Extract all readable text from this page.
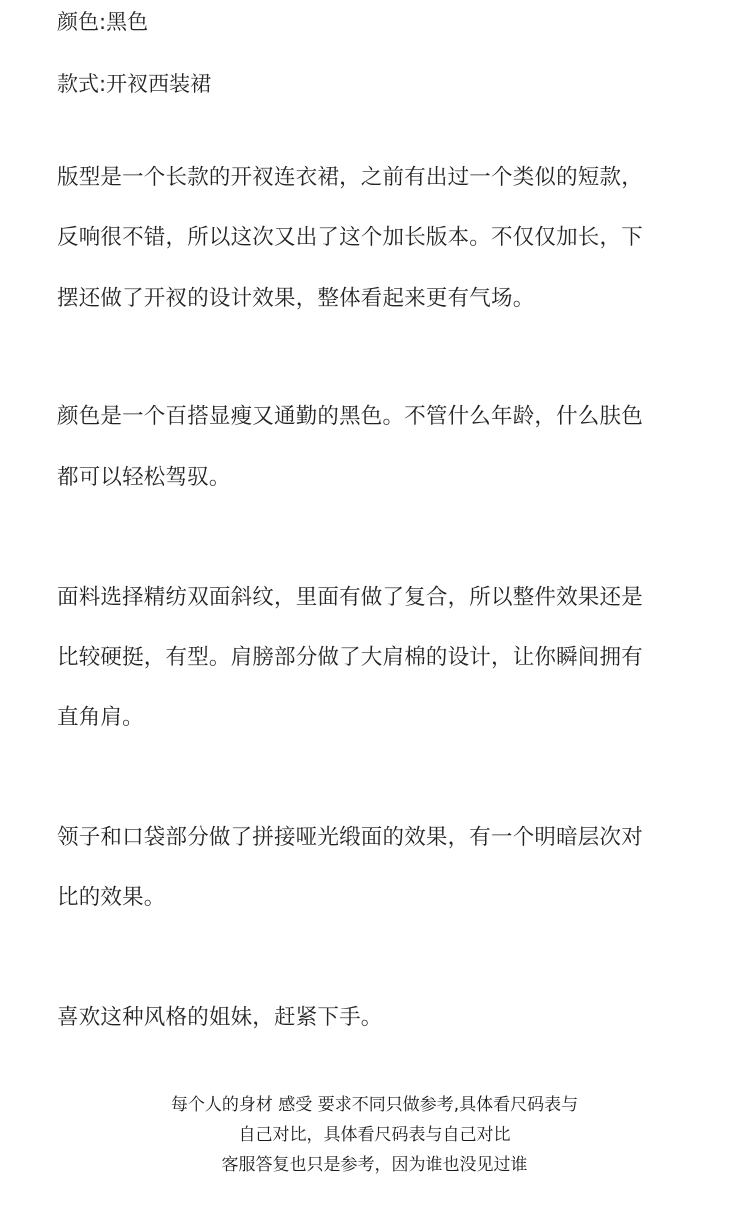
颜色:黑色
款式:开衩西装裙
版型是一个长款的开衩连衣裙，之前有出过一个类似的短款，
反响很不错，所以这次又出了这个加长版本。不仅仅加长，下
摆还做了开衩的设计效果，整体看起来更有气场。
颜色是一个百搭显瘦又通勤的黑色。不管什么年龄，什么肤色
都可以轻松驾驭。
面料选择精纺双面斜纹，里面有做了复合，所以整件效果还是
比较硬挺，有型。肩膀部分做了大肩棉的设计，让你瞬间拥有
直角肩。
领子和口袋部分做了拼接哑光缎面的效果，有一个明暗层次对
比的效果。
喜欢这种风格的姐妹，赶紧下手。
每个人的身材 感受 要求不同只做参考,具体看尺码表与
自己对比，具体看尺码表与自己对比
客服答复也只是参考，因为谁也没见过谁
